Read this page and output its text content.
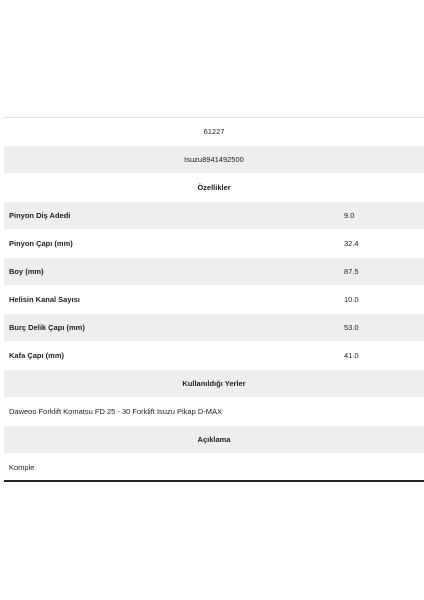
61227
Isuzu8941492500
Özellikler
Pinyon Diş Adedi	9.0
Pinyon Çapı (mm)	32.4
Boy (mm)	87.5
Helisin Kanal Sayısı	10.0
Burç Delik Çapı (mm)	53.0
Kafa Çapı (mm)	41.0
Kullanıldığı Yerler
Daweoo Forklift Komatsu FD 25 - 30 Forklift Isuzu Pikap D-MAX
Açıklama
Komple
